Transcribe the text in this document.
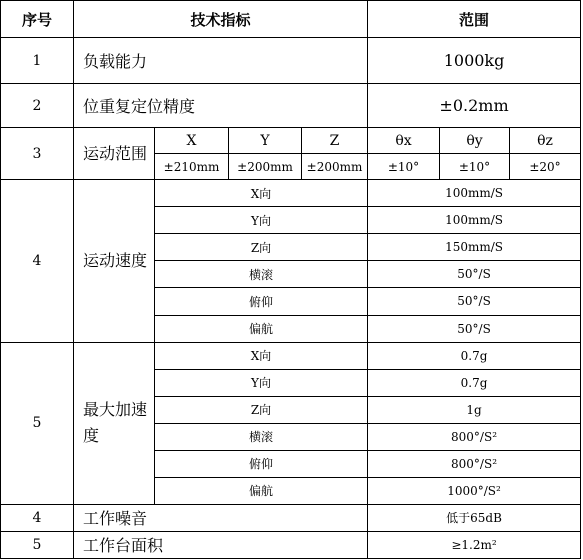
序号	技术指标				范围		
1	负载能力				1000kg		
2	位重复定位精度				±0.2mm		
3	运动范围	X	Y	Z	θx	θy	θz
		±210mm	±200mm	±200mm	±10°	±10°	±20°
4	运动速度	X向			100mm/S		
		Y向			100mm/S		
		Z向			150mm/S		
		横滚			50°/S		
		俯仰			50°/S		
		偏航			50°/S		
5	最大加速度	X向			0.7g		
		Y向			0.7g		
		Z向			1g		
		横滚			800°/S²		
		俯仰			800°/S²		
		偏航			1000°/S²		
4	工作噪音				低于65dB		
5	工作台面积				≥1.2m²		
